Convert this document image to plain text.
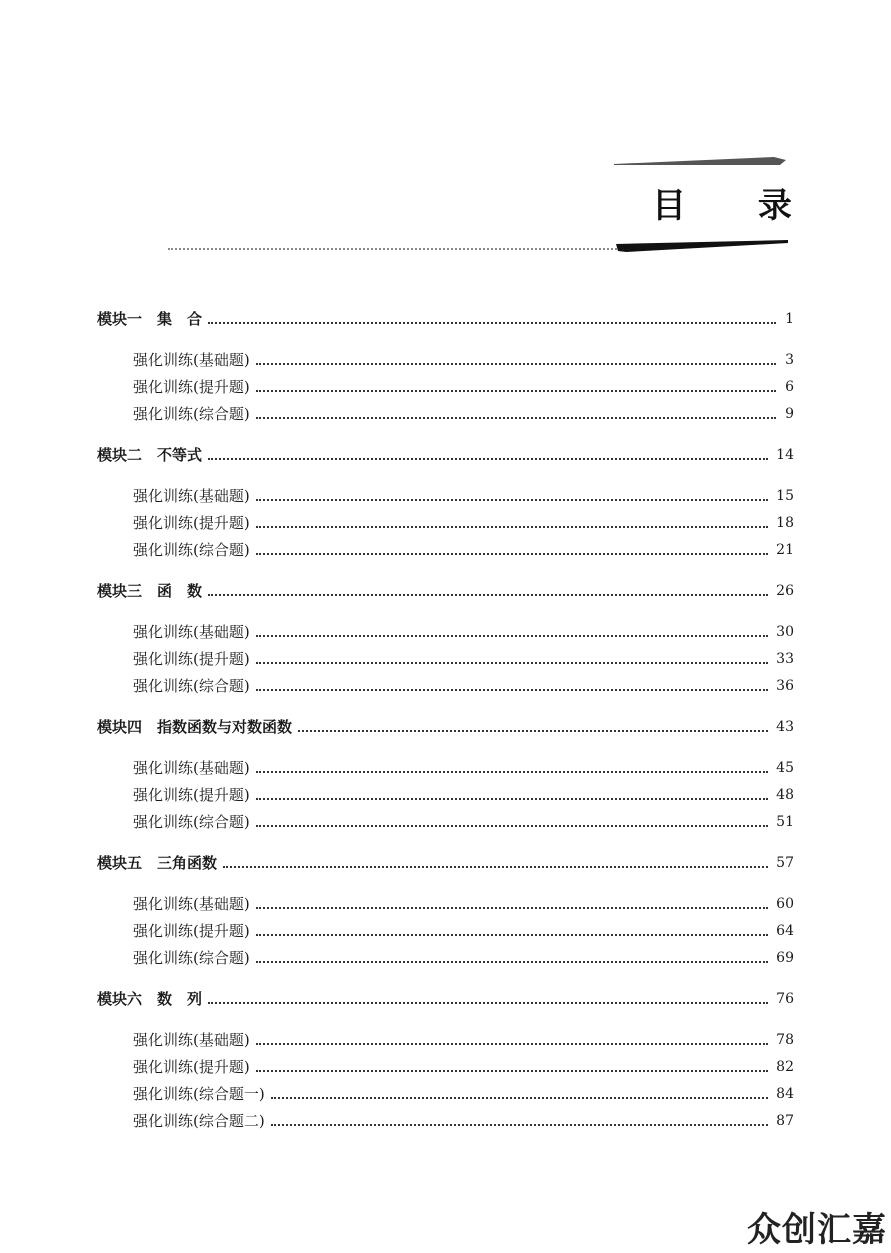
目 录
模块一　集　合	1
强化训练(基础题)	3
强化训练(提升题)	6
强化训练(综合题)	9
模块二　不等式	14
强化训练(基础题)	15
强化训练(提升题)	18
强化训练(综合题)	21
模块三　函　数	26
强化训练(基础题)	30
强化训练(提升题)	33
强化训练(综合题)	36
模块四　指数函数与对数函数	43
强化训练(基础题)	45
强化训练(提升题)	48
强化训练(综合题)	51
模块五　三角函数	57
强化训练(基础题)	60
强化训练(提升题)	64
强化训练(综合题)	69
模块六　数　列	76
强化训练(基础题)	78
强化训练(提升题)	82
强化训练(综合题一)	84
强化训练(综合题二)	87
众创汇嘉
